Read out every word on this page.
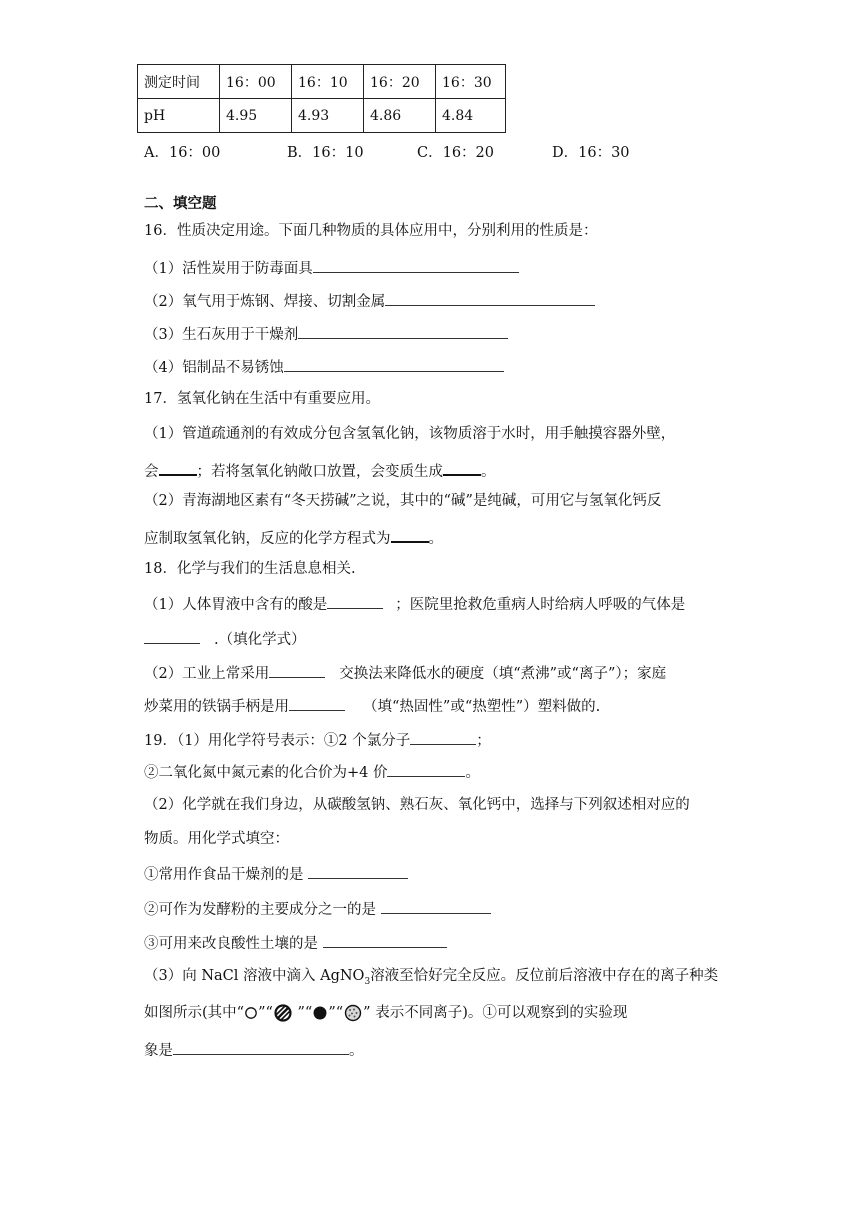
测定时间	16：00	16：10	16：20	16：30
pH	4.95	4.93	4.86	4.84
A．16：00	B．16：10	C．16：20	D．16：30
二、填空题
16．性质决定用途。下面几种物质的具体应用中，分别利用的性质是：
（1）活性炭用于防毒面具
（2）氧气用于炼钢、焊接、切割金属
（3）生石灰用于干燥剂
（4）铝制品不易锈蚀
17．氢氧化钠在生活中有重要应用。
（1）管道疏通剂的有效成分包含氢氧化钠，该物质溶于水时，用手触摸容器外壁，
会	；若将氢氧化钠敞口放置，会变质生成	。
（2）青海湖地区素有“冬天捞碱”之说，其中的“碱”是纯碱，可用它与氢氧化钙反
应制取氢氧化钠，反应的化学方程式为	。
18．化学与我们的生活息息相关.
（1）人体胃液中含有的酸是	；医院里抢救危重病人时给病人呼吸的气体是
.（填化学式）
（2）工业上常采用	交换法来降低水的硬度（填“煮沸”或“离子”）；家庭
炒菜用的铁锅手柄是用	（填“热固性”或“热塑性”）塑料做的.
19．（1）用化学符号表示：①2 个氯分子	；
②二氧化氮中氮元素的化合价为+4 价	。
（2）化学就在我们身边，从碳酸氢钠、熟石灰、氧化钙中，选择与下列叙述相对应的
物质。用化学式填空：
①常用作食品干燥剂的是
②可作为发酵粉的主要成分之一的是
③可用来改良酸性土壤的是
（3）向 NaCl 溶液中滴入 AgNO$_3$溶液至恰好完全反应。反位前后溶液中存在的离子种类
如图所示(其中“ ”“ ”“ ”“ ” 表示不同离子)。①可以观察到的实验现
象是	。
